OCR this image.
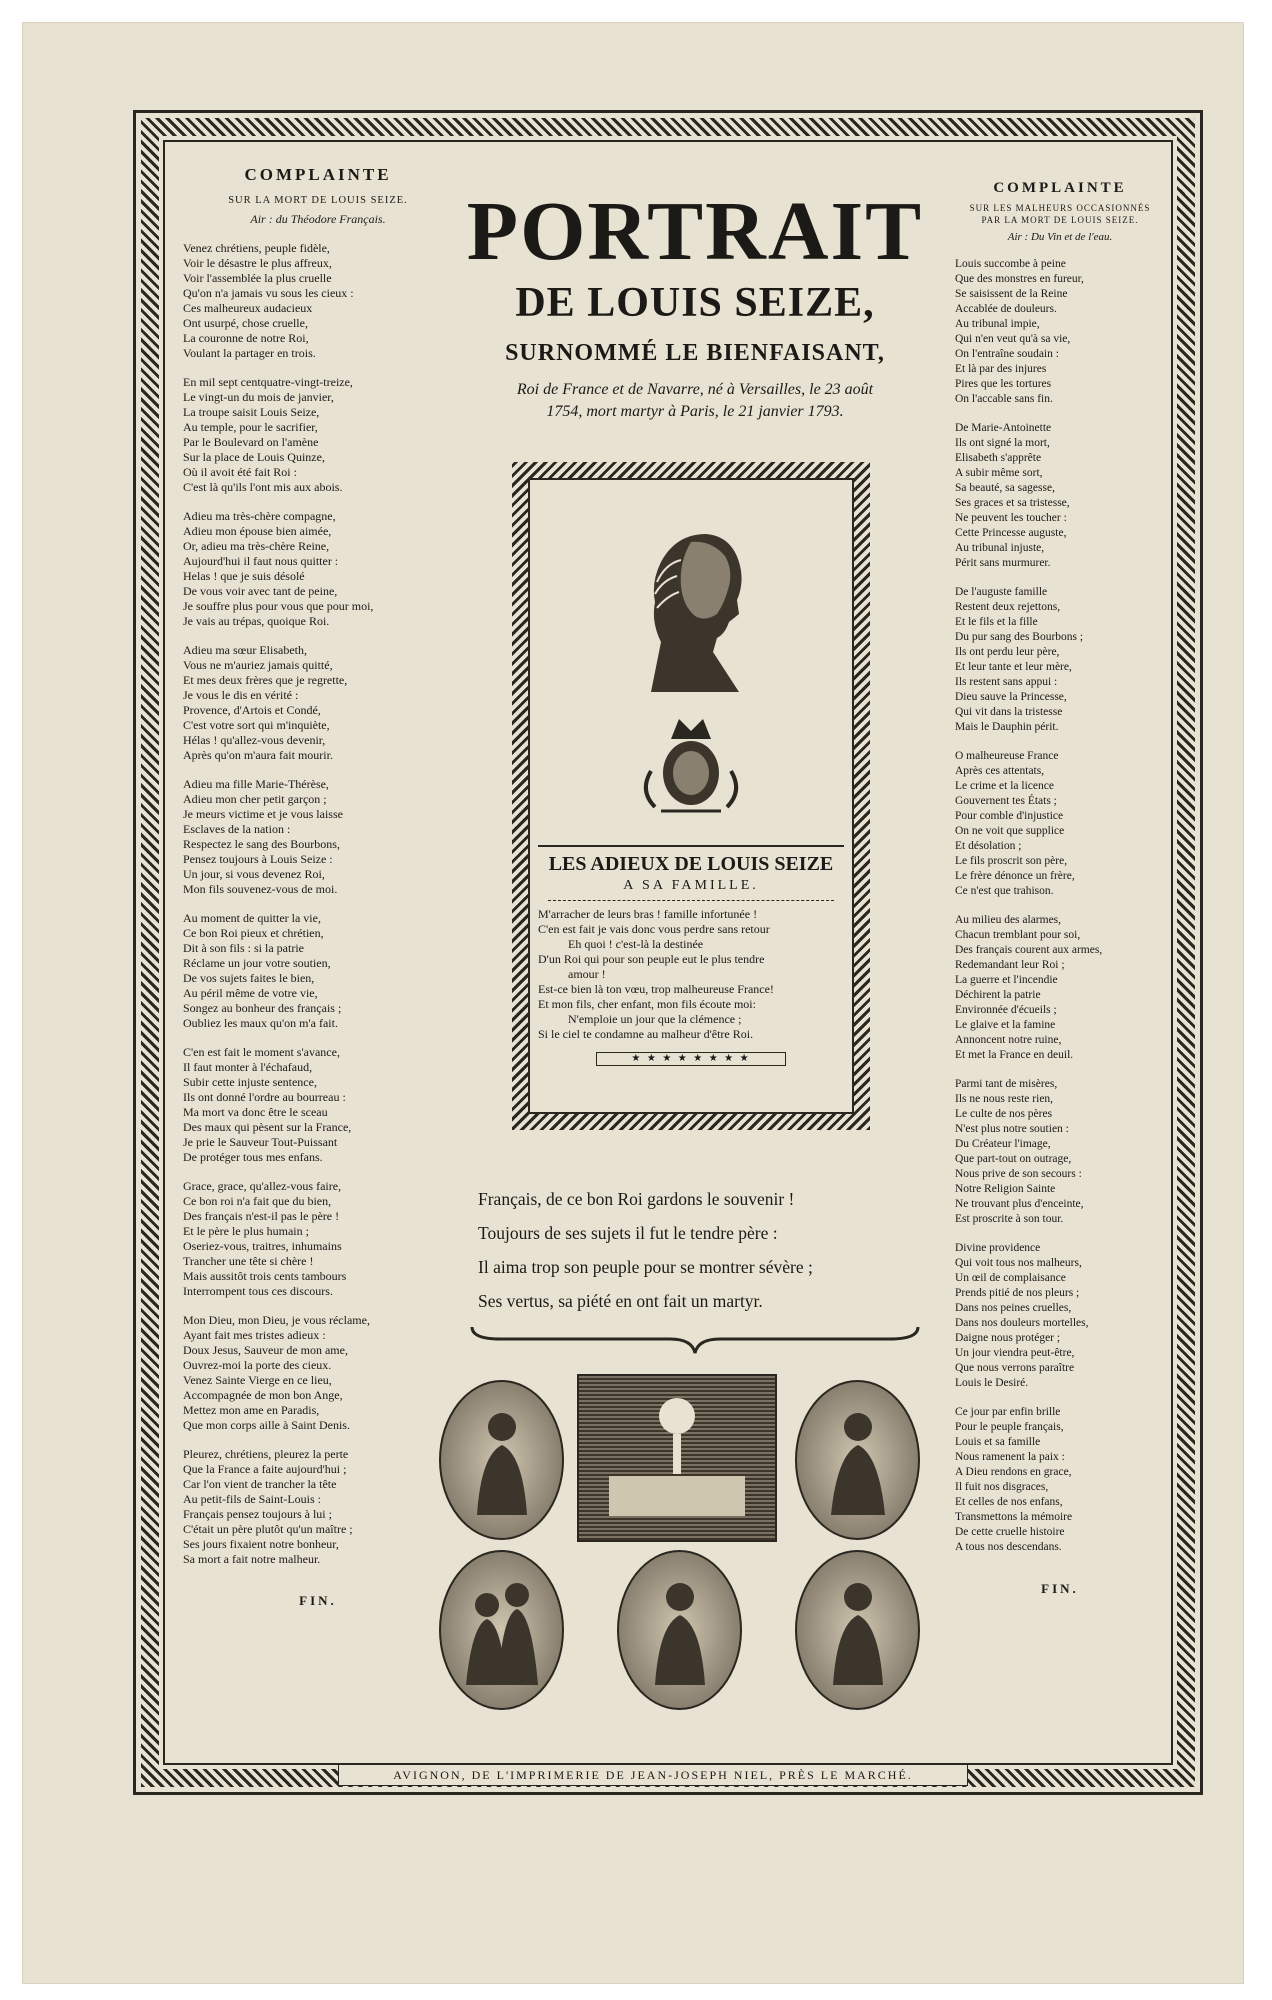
COMPLAINTE
SUR LA MORT DE LOUIS SEIZE.
Air : du Théodore Français.
Venez chrétiens, peuple fidèle,
Voir le désastre le plus affreux,
Voir l'assemblée la plus cruelle
Qu'on n'a jamais vu sous les cieux :
Ces malheureux audacieux
Ont usurpé, chose cruelle,
La couronne de notre Roi,
Voulant la partager en trois.
En mil sept centquatre-vingt-treize,
Le vingt-un du mois de janvier,
La troupe saisit Louis Seize,
Au temple, pour le sacrifier,
Par le Boulevard on l'amène
Sur la place de Louis Quinze,
Où il avoit été fait Roi :
C'est là qu'ils l'ont mis aux abois.
Adieu ma très-chère compagne,
Adieu mon épouse bien aimée,
Or, adieu ma très-chère Reine,
Aujourd'hui il faut nous quitter :
Helas ! que je suis désolé
De vous voir avec tant de peine,
Je souffre plus pour vous que pour moi,
Je vais au trépas, quoique Roi.
Adieu ma sœur Elisabeth,
Vous ne m'auriez jamais quitté,
Et mes deux frères que je regrette,
Je vous le dis en vérité :
Provence, d'Artois et Condé,
C'est votre sort qui m'inquiète,
Hélas ! qu'allez-vous devenir,
Après qu'on m'aura fait mourir.
Adieu ma fille Marie-Thérèse,
Adieu mon cher petit garçon ;
Je meurs victime et je vous laisse
Esclaves de la nation :
Respectez le sang des Bourbons,
Pensez toujours à Louis Seize :
Un jour, si vous devenez Roi,
Mon fils souvenez-vous de moi.
Au moment de quitter la vie,
Ce bon Roi pieux et chrétien,
Dit à son fils : si la patrie
Réclame un jour votre soutien,
De vos sujets faites le bien,
Au péril même de votre vie,
Songez au bonheur des français ;
Oubliez les maux qu'on m'a fait.
C'en est fait le moment s'avance,
Il faut monter à l'échafaud,
Subir cette injuste sentence,
Ils ont donné l'ordre au bourreau :
Ma mort va donc être le sceau
Des maux qui pèsent sur la France,
Je prie le Sauveur Tout-Puissant
De protéger tous mes enfans.
Grace, grace, qu'allez-vous faire,
Ce bon roi n'a fait que du bien,
Des français n'est-il pas le père !
Et le père le plus humain ;
Oseriez-vous, traitres, inhumains
Trancher une tête si chère !
Mais aussitôt trois cents tambours
Interrompent tous ces discours.
Mon Dieu, mon Dieu, je vous réclame,
Ayant fait mes tristes adieux :
Doux Jesus, Sauveur de mon ame,
Ouvrez-moi la porte des cieux.
Venez Sainte Vierge en ce lieu,
Accompagnée de mon bon Ange,
Mettez mon ame en Paradis,
Que mon corps aille à Saint Denis.
Pleurez, chrétiens, pleurez la perte
Que la France a faite aujourd'hui ;
Car l'on vient de trancher la tête
Au petit-fils de Saint-Louis :
Français pensez toujours à lui ;
C'était un père plutôt qu'un maître ;
Ses jours fixaient notre bonheur,
Sa mort a fait notre malheur.
FIN.
PORTRAIT
DE LOUIS SEIZE,
SURNOMMÉ LE BIENFAISANT,
Roi de France et de Navarre, né à Versailles, le 23 août
1754, mort martyr à Paris, le 21 janvier 1793.
LES ADIEUX DE LOUIS SEIZE
A SA FAMILLE.
M'arracher de leurs bras ! famille infortunée !
C'en est fait je vais donc vous perdre sans retour
Eh quoi ! c'est-là la destinée
D'un Roi qui pour son peuple eut le plus tendre
amour !
Est-ce bien là ton vœu, trop malheureuse France!
Et mon fils, cher enfant, mon fils écoute moi:
N'emploie un jour que la clémence ;
Si le ciel te condamne au malheur d'être Roi.
★ ★ ★ ★ ★ ★ ★ ★
Français, de ce bon Roi gardons le souvenir !
Toujours de ses sujets il fut le tendre père :
Il aima trop son peuple pour se montrer sévère ;
Ses vertus, sa piété en ont fait un martyr.
COMPLAINTE
SUR LES MALHEURS OCCASIONNÉS
PAR LA MORT DE LOUIS SEIZE.
Air : Du Vin et de l'eau.
Louis succombe à peine
Que des monstres en fureur,
Se saisissent de la Reine
Accablée de douleurs.
Au tribunal impie,
Qui n'en veut qu'à sa vie,
On l'entraîne soudain :
Et là par des injures
Pires que les tortures
On l'accable sans fin.
De Marie-Antoinette
Ils ont signé la mort,
Elisabeth s'apprête
A subir même sort,
Sa beauté, sa sagesse,
Ses graces et sa tristesse,
Ne peuvent les toucher :
Cette Princesse auguste,
Au tribunal injuste,
Périt sans murmurer.
De l'auguste famille
Restent deux rejettons,
Et le fils et la fille
Du pur sang des Bourbons ;
Ils ont perdu leur père,
Et leur tante et leur mère,
Ils restent sans appui :
Dieu sauve la Princesse,
Qui vit dans la tristesse
Mais le Dauphin périt.
O malheureuse France
Après ces attentats,
Le crime et la licence
Gouvernent tes États ;
Pour comble d'injustice
On ne voit que supplice
Et désolation ;
Le fils proscrit son père,
Le frère dénonce un frère,
Ce n'est que trahison.
Au milieu des alarmes,
Chacun tremblant pour soi,
Des français courent aux armes,
Redemandant leur Roi ;
La guerre et l'incendie
Déchirent la patrie
Environnée d'écueils ;
Le glaive et la famine
Annoncent notre ruine,
Et met la France en deuil.
Parmi tant de misères,
Ils ne nous reste rien,
Le culte de nos pères
N'est plus notre soutien :
Du Créateur l'image,
Que part-tout on outrage,
Nous prive de son secours :
Notre Religion Sainte
Ne trouvant plus d'enceinte,
Est proscrite à son tour.
Divine providence
Qui voit tous nos malheurs,
Un œil de complaisance
Prends pitié de nos pleurs ;
Dans nos peines cruelles,
Dans nos douleurs mortelles,
Daigne nous protéger ;
Un jour viendra peut-être,
Que nous verrons paraître
Louis le Desiré.
Ce jour par enfin brille
Pour le peuple français,
Louis et sa famille
Nous ramenent la paix :
A Dieu rendons en grace,
Il fuit nos disgraces,
Et celles de nos enfans,
Transmettons la mémoire
De cette cruelle histoire
A tous nos descendans.
FIN.
AVIGNON, DE L'IMPRIMERIE DE JEAN-JOSEPH NIEL, PRÈS LE MARCHÉ.
